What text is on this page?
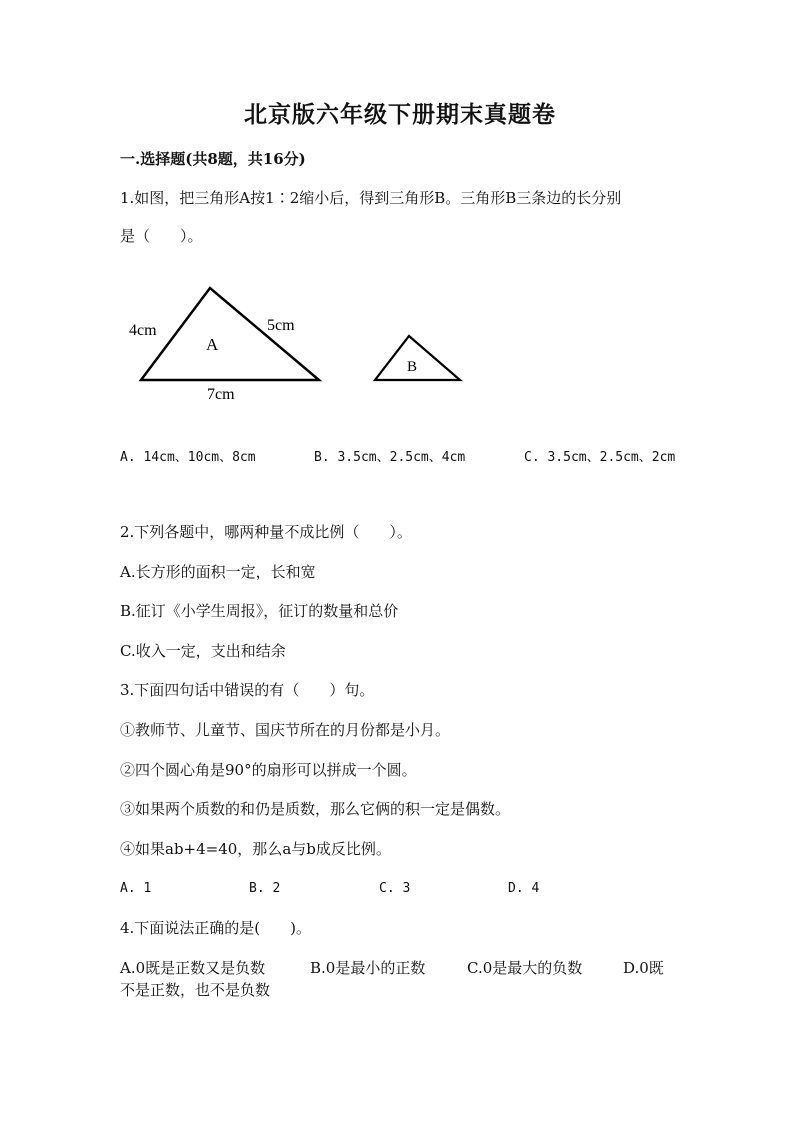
北京版六年级下册期末真题卷
一.选择题(共8题，共16分)
1.如图，把三角形A按1∶2缩小后，得到三角形B。三角形B三条边的长分别
是（　　）。
A
B
4cm	5cm
7cm
A. 14cm、10cm、8cm	B. 3.5cm、2.5cm、4cm	C. 3.5cm、2.5cm、2cm
2.下列各题中，哪两种量不成比例（　　）。
A.长方形的面积一定，长和宽
B.征订《小学生周报》，征订的数量和总价
C.收入一定，支出和结余
3.下面四句话中错误的有（　　）句。
①教师节、儿童节、国庆节所在的月份都是小月。
②四个圆心角是90°的扇形可以拼成一个圆。
③如果两个质数的和仍是质数，那么它俩的积一定是偶数。
④如果ab+4=40，那么a与b成反比例。
A. 1	B. 2	C. 3	D. 4
4.下面说法正确的是(　　)。
A.0既是正数又是负数	B.0是最小的正数	C.0是最大的负数	D.0既
不是正数，也不是负数
